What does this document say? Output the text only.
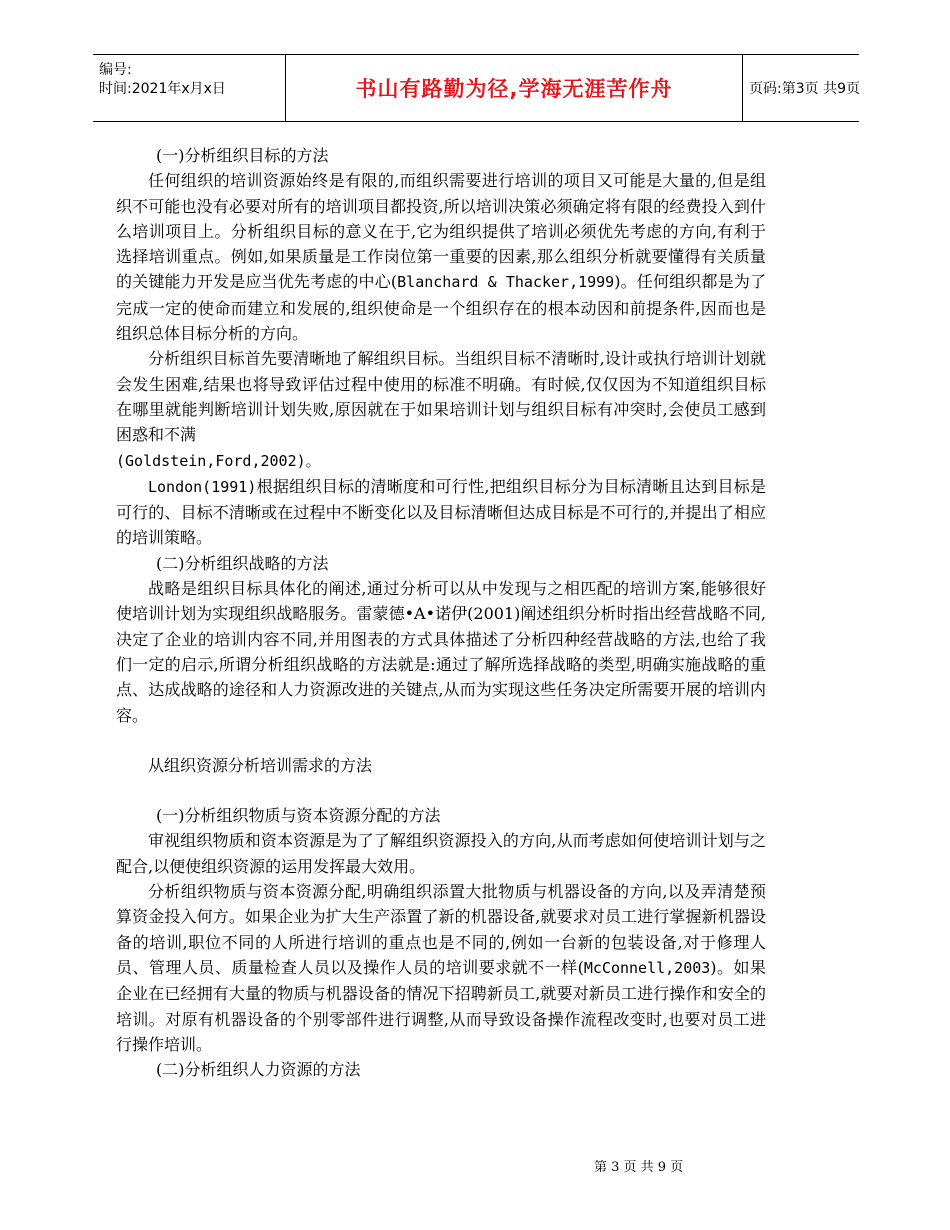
编号:
时间:2021年x月x日	书山有路勤为径,学海无涯苦作舟	页码:第3页 共9页

(一)分析组织目标的方法

任何组织的培训资源始终是有限的,而组织需要进行培训的项目又可能是大量的,但是组织不可能也没有必要对所有的培训项目都投资,所以培训决策必须确定将有限的经费投入到什么培训项目上。分析组织目标的意义在于,它为组织提供了培训必须优先考虑的方向,有利于选择培训重点。例如,如果质量是工作岗位第一重要的因素,那么组织分析就要懂得有关质量的关键能力开发是应当优先考虑的中心(Blanchard & Thacker,1999)。任何组织都是为了完成一定的使命而建立和发展的,组织使命是一个组织存在的根本动因和前提条件,因而也是组织总体目标分析的方向。

分析组织目标首先要清晰地了解组织目标。当组织目标不清晰时,设计或执行培训计划就会发生困难,结果也将导致评估过程中使用的标准不明确。有时候,仅仅因为不知道组织目标在哪里就能判断培训计划失败,原因就在于如果培训计划与组织目标有冲突时,会使员工感到困惑和不满
(Goldstein,Ford,2002)。

London(1991)根据组织目标的清晰度和可行性,把组织目标分为目标清晰且达到目标是可行的、目标不清晰或在过程中不断变化以及目标清晰但达成目标是不可行的,并提出了相应的培训策略。

(二)分析组织战略的方法

战略是组织目标具体化的阐述,通过分析可以从中发现与之相匹配的培训方案,能够很好使培训计划为实现组织战略服务。雷蒙德•A•诺伊(2001)阐述组织分析时指出经营战略不同,决定了企业的培训内容不同,并用图表的方式具体描述了分析四种经营战略的方法,也给了我们一定的启示,所谓分析组织战略的方法就是:通过了解所选择战略的类型,明确实施战略的重点、达成战略的途径和人力资源改进的关键点,从而为实现这些任务决定所需要开展的培训内容。

从组织资源分析培训需求的方法

(一)分析组织物质与资本资源分配的方法

审视组织物质和资本资源是为了了解组织资源投入的方向,从而考虑如何使培训计划与之配合,以便使组织资源的运用发挥最大效用。

分析组织物质与资本资源分配,明确组织添置大批物质与机器设备的方向,以及弄清楚预算资金投入何方。如果企业为扩大生产添置了新的机器设备,就要求对员工进行掌握新机器设备的培训,职位不同的人所进行培训的重点也是不同的,例如一台新的包装设备,对于修理人员、管理人员、质量检查人员以及操作人员的培训要求就不一样(McConnell,2003)。如果企业在已经拥有大量的物质与机器设备的情况下招聘新员工,就要对新员工进行操作和安全的培训。对原有机器设备的个别零部件进行调整,从而导致设备操作流程改变时,也要对员工进行操作培训。

(二)分析组织人力资源的方法

第 3 页 共 9 页
